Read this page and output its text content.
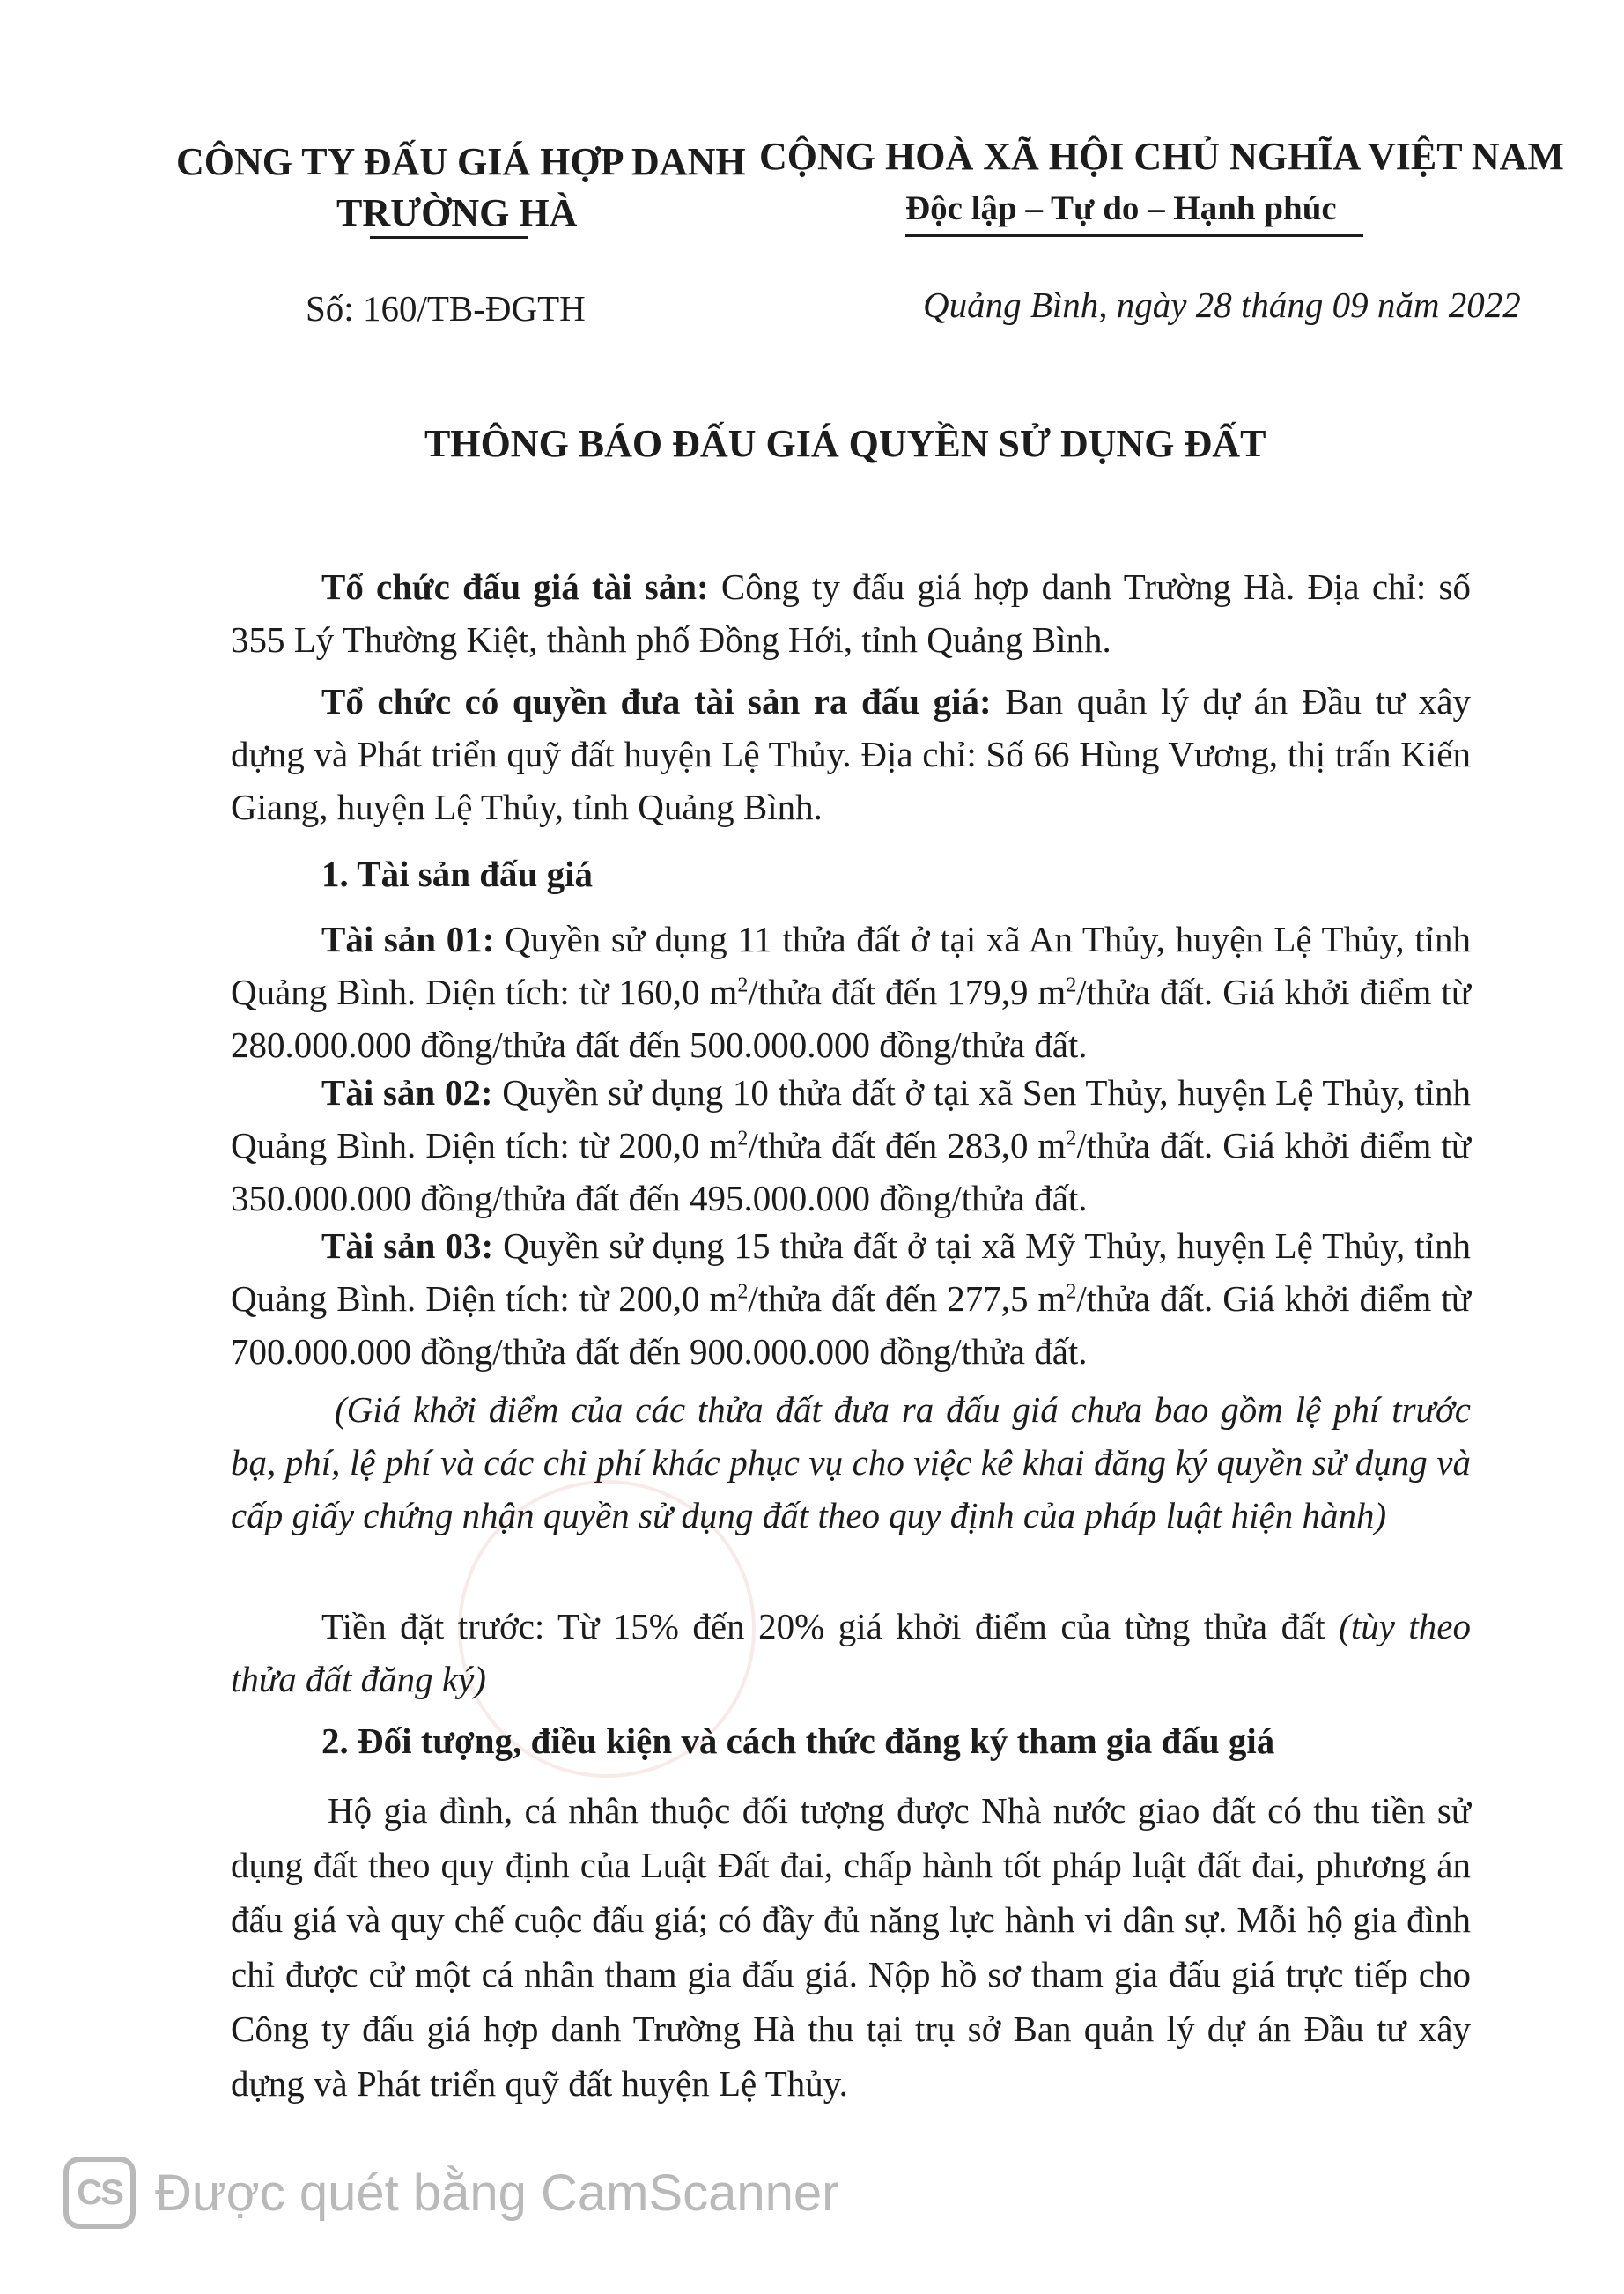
CÔNG TY ĐẤU GIÁ HỢP DANH
TRƯỜNG HÀ
CỘNG HOÀ XÃ HỘI CHỦ NGHĨA VIỆT NAM
Độc lập – Tự do – Hạnh phúc
Số: 160/TB-ĐGTH	Quảng Bình, ngày 28 tháng 09 năm 2022
THÔNG BÁO ĐẤU GIÁ QUYỀN SỬ DỤNG ĐẤT
Tổ chức đấu giá tài sản: Công ty đấu giá hợp danh Trường Hà. Địa chỉ: số 355 Lý Thường Kiệt, thành phố Đồng Hới, tỉnh Quảng Bình.
Tổ chức có quyền đưa tài sản ra đấu giá: Ban quản lý dự án Đầu tư xây dựng và Phát triển quỹ đất huyện Lệ Thủy. Địa chỉ: Số 66 Hùng Vương, thị trấn Kiến Giang, huyện Lệ Thủy, tỉnh Quảng Bình.
1. Tài sản đấu giá
Tài sản 01: Quyền sử dụng 11 thửa đất ở tại xã An Thủy, huyện Lệ Thủy, tỉnh Quảng Bình. Diện tích: từ 160,0 $m^2$/thửa đất đến 179,9 $m^2$/thửa đất. Giá khởi điểm từ 280.000.000 đồng/thửa đất đến 500.000.000 đồng/thửa đất.
Tài sản 02: Quyền sử dụng 10 thửa đất ở tại xã Sen Thủy, huyện Lệ Thủy, tỉnh Quảng Bình. Diện tích: từ 200,0 $m^2$/thửa đất đến 283,0 $m^2$/thửa đất. Giá khởi điểm từ 350.000.000 đồng/thửa đất đến 495.000.000 đồng/thửa đất.
Tài sản 03: Quyền sử dụng 15 thửa đất ở tại xã Mỹ Thủy, huyện Lệ Thủy, tỉnh Quảng Bình. Diện tích: từ 200,0 $m^2$/thửa đất đến 277,5 $m^2$/thửa đất. Giá khởi điểm từ 700.000.000 đồng/thửa đất đến 900.000.000 đồng/thửa đất.
(Giá khởi điểm của các thửa đất đưa ra đấu giá chưa bao gồm lệ phí trước bạ, phí, lệ phí và các chi phí khác phục vụ cho việc kê khai đăng ký quyền sử dụng và cấp giấy chứng nhận quyền sử dụng đất theo quy định của pháp luật hiện hành)
Tiền đặt trước: Từ 15% đến 20% giá khởi điểm của từng thửa đất (tùy theo thửa đất đăng ký)
2. Đối tượng, điều kiện và cách thức đăng ký tham gia đấu giá
Hộ gia đình, cá nhân thuộc đối tượng được Nhà nước giao đất có thu tiền sử dụng đất theo quy định của Luật Đất đai, chấp hành tốt pháp luật đất đai, phương án đấu giá và quy chế cuộc đấu giá; có đầy đủ năng lực hành vi dân sự. Mỗi hộ gia đình chỉ được cử một cá nhân tham gia đấu giá. Nộp hồ sơ tham gia đấu giá trực tiếp cho Công ty đấu giá hợp danh Trường Hà thu tại trụ sở Ban quản lý dự án Đầu tư xây dựng và Phát triển quỹ đất huyện Lệ Thủy.
CS Được quét bằng CamScanner
